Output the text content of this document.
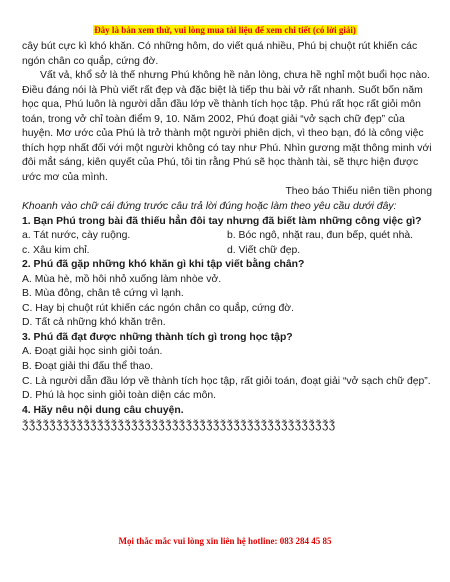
Đây là bản xem thử, vui lòng mua tài liệu để xem chi tiết (có lời giải)

cây bút cực kì khó khăn. Có những hôm, do viết quá nhiều, Phú bị chuột rút khiến các ngón chân co quắp, cứng đờ.

Vất vả, khổ sở là thế nhưng Phú không hề nản lòng, chưa hề nghỉ một buổi học nào. Điều đáng nói là Phù viết rất đẹp và đặc biệt là tiếp thu bài vở rất nhanh. Suốt bốn năm học qua, Phú luôn là người dẫn đầu lớp về thành tích học tập. Phú rất học rất giỏi môn toán, trong vở chỉ toàn điểm 9, 10. Năm 2002, Phú đoạt giải “vở sạch chữ đẹp” của huyện. Mơ ước của Phú là trở thành một người phiên dịch, vì theo bạn, đó là công việc thích hợp nhất đối với một người không có tay như Phú. Nhìn gương mặt thông minh với đôi mắt sáng, kiên quyết của Phú, tôi tin rằng Phú sẽ học thành tài, sẽ thực hiện được ước mơ của mình.

Theo báo Thiếu niên tiền phong

Khoanh vào chữ cái đứng trước câu trả lời đúng hoặc làm theo yêu cầu dưới đây:

1. Bạn Phú trong bài đã thiếu hẳn đôi tay nhưng đã biết làm những công việc gì?

a. Tát nước, cày ruộng.	b. Bóc ngô, nhặt rau, đun bếp, quét nhà.
c. Xâu kim chỉ.	d. Viết chữ đẹp.

2. Phú đã gặp những khó khăn gì khi tập viết bằng chân?

A. Mùa hè, mồ hôi nhỏ xuống làm nhòe vở.

B. Mùa đông, chân tê cứng vì lạnh.

C. Hay bị chuột rút khiến các ngón chân co quắp, cứng đờ.

D. Tất cả những khó khăn trên.

3. Phú đã đạt được những thành tích gì trong học tập?

A. Đoạt giải học sinh giỏi toán.

B. Đoạt giải thi đấu thể thao.

C. Là người dẫn đầu lớp về thành tích học tập, rất giỏi toán, đoạt giải “vở sạch chữ đẹp”.

D. Phú là học sinh giỏi toàn diện các môn.

4. Hãy nêu nội dung câu chuyện.

ǯǯǯǯǯǯǯǯǯǯǯǯǯǯǯǯǯǯǯǯǯǯǯǯǯǯǯǯǯǯǯǯǯǯǯǯǯǯǯǯǯǯǯǯǯǯ

Mọi thắc mắc vui lòng xin liên hệ hotline: 083 284 45 85
